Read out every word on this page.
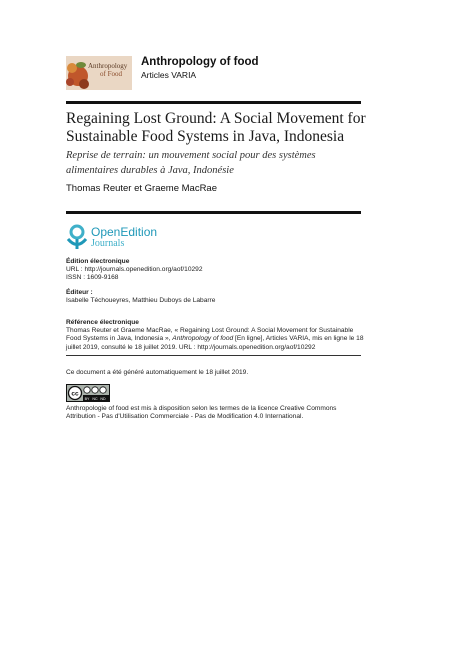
Anthropology
of Food
Anthropology of food
Articles VARIA
Regaining Lost Ground: A Social Movement for Sustainable Food Systems in Java, Indonesia
Reprise de terrain: un mouvement social pour des systèmes alimentaires durables à Java, Indonésie
Thomas Reuter et Graeme MacRae
OpenEdition
Journals
Édition électronique
URL : http://journals.openedition.org/aof/10292
ISSN : 1609-9168
Éditeur :
Isabelle Téchoueyres, Matthieu Duboys de Labarre
Référence électronique
Thomas Reuter et Graeme MacRae, « Regaining Lost Ground: A Social Movement for Sustainable Food Systems in Java, Indonesia », Anthropology of food [En ligne], Articles VARIA, mis en ligne le 18 juillet 2019, consulté le 18 juillet 2019. URL : http://journals.openedition.org/aof/10292
Ce document a été généré automatiquement le 18 juillet 2019.
cc
BY NC ND
Anthropologie of food est mis à disposition selon les termes de la licence Creative Commons Attribution - Pas d'Utilisation Commerciale - Pas de Modification 4.0 International.
